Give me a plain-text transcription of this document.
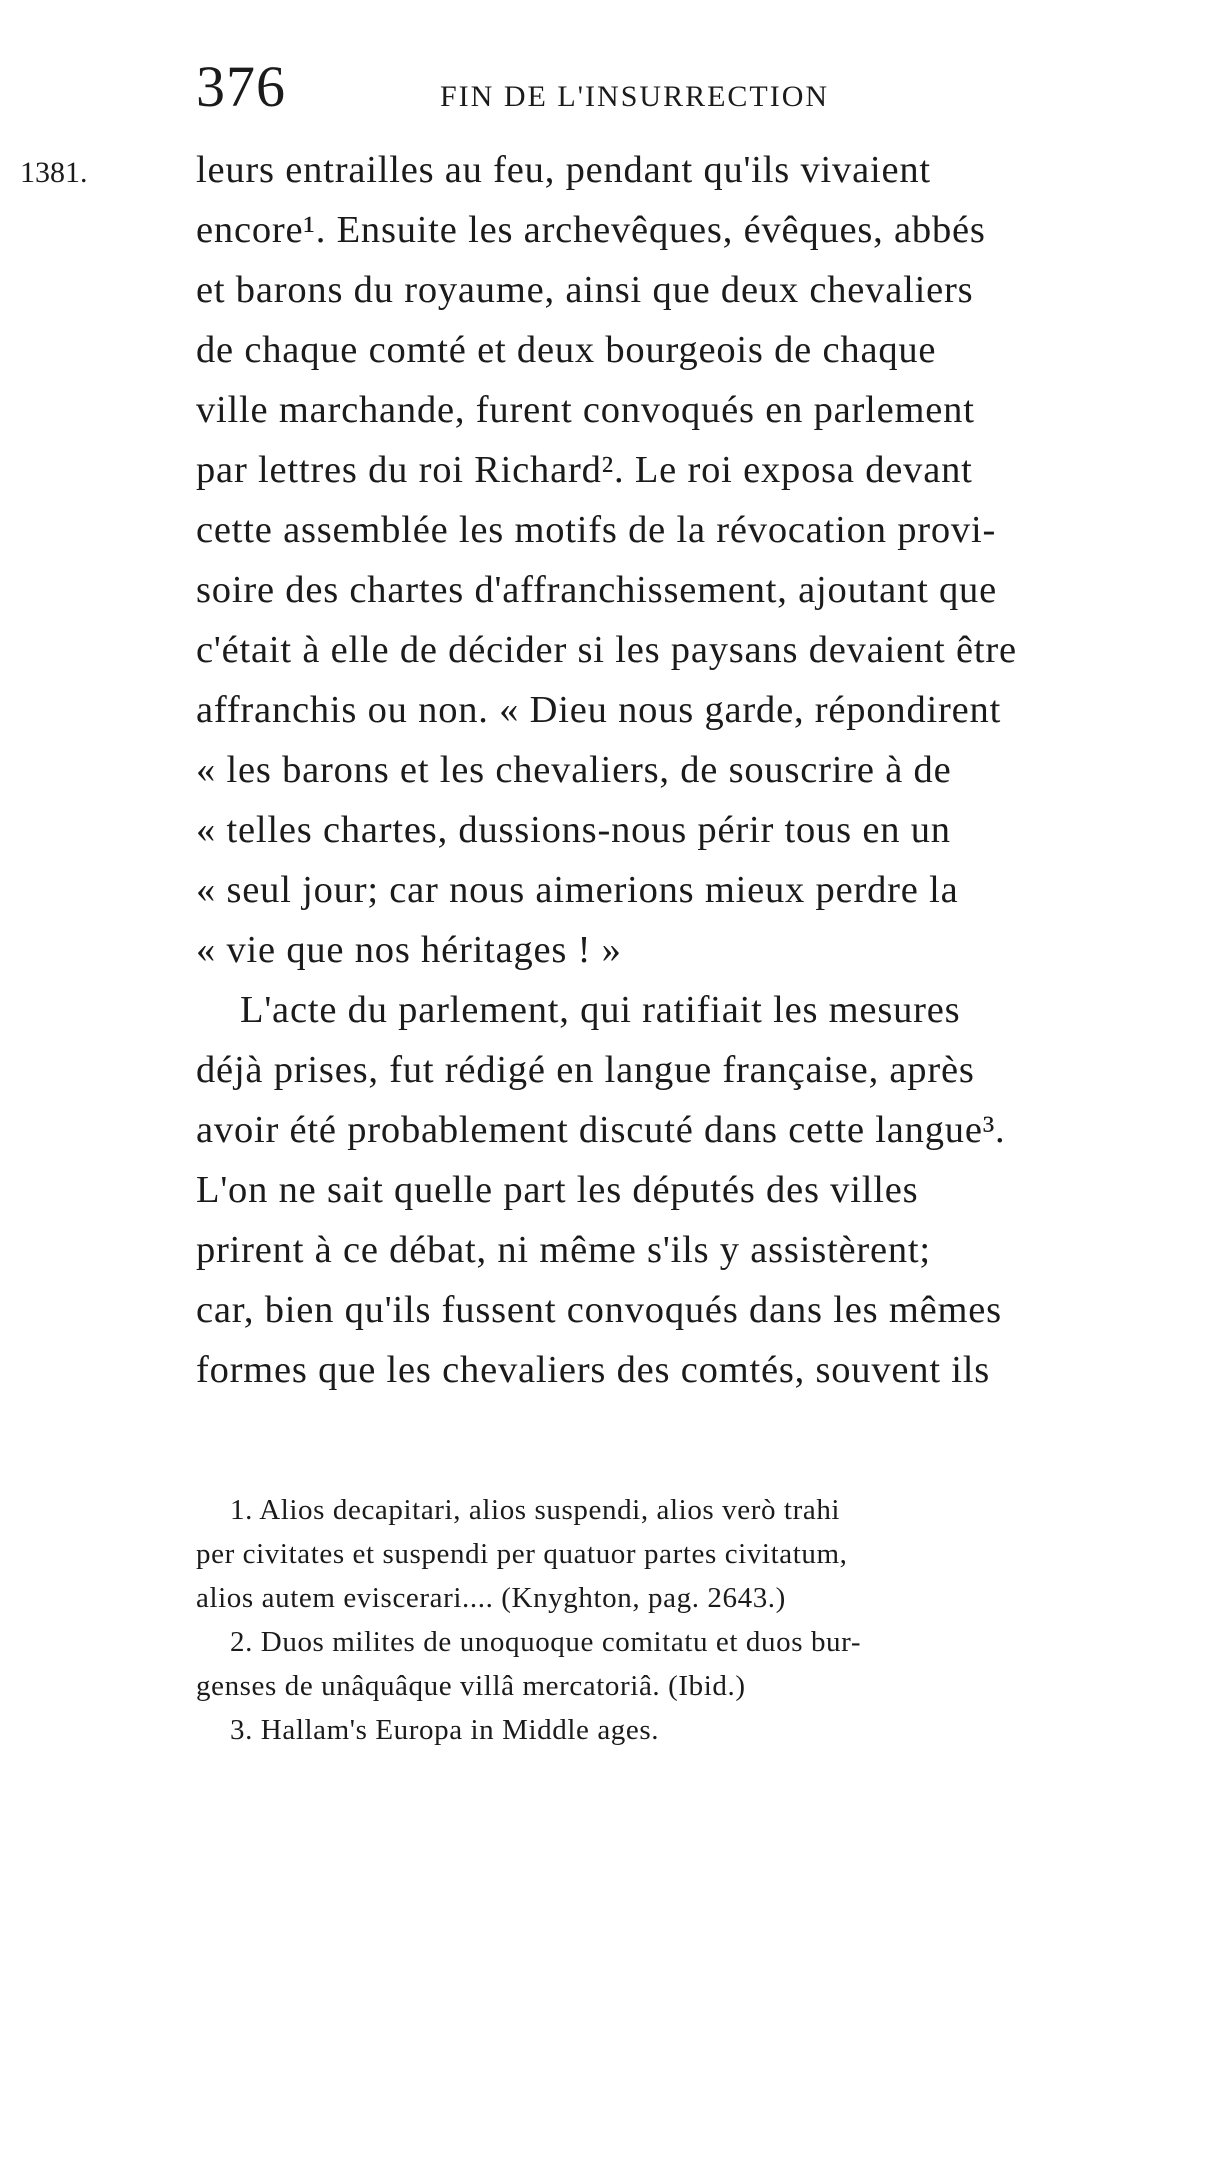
376	FIN DE L'INSURRECTION
1381.	leurs entrailles au feu, pendant qu'ils vivaient
encore¹. Ensuite les archevêques, évêques, abbés
et barons du royaume, ainsi que deux chevaliers
de chaque comté et deux bourgeois de chaque
ville marchande, furent convoqués en parlement
par lettres du roi Richard². Le roi exposa devant
cette assemblée les motifs de la révocation provi-
soire des chartes d'affranchissement, ajoutant que
c'était à elle de décider si les paysans devaient être
affranchis ou non. « Dieu nous garde, répondirent
« les barons et les chevaliers, de souscrire à de
« telles chartes, dussions-nous périr tous en un
« seul jour; car nous aimerions mieux perdre la
« vie que nos héritages ! »
L'acte du parlement, qui ratifiait les mesures
déjà prises, fut rédigé en langue française, après
avoir été probablement discuté dans cette langue³.
L'on ne sait quelle part les députés des villes
prirent à ce débat, ni même s'ils y assistèrent;
car, bien qu'ils fussent convoqués dans les mêmes
formes que les chevaliers des comtés, souvent ils
1. Alios decapitari, alios suspendi, alios verò trahi
per civitates et suspendi per quatuor partes civitatum,
alios autem eviscerari.... (Knyghton, pag. 2643.)
2. Duos milites de unoquoque comitatu et duos bur-
genses de unâquâque villâ mercatoriâ. (Ibid.)
3. Hallam's Europa in Middle ages.
